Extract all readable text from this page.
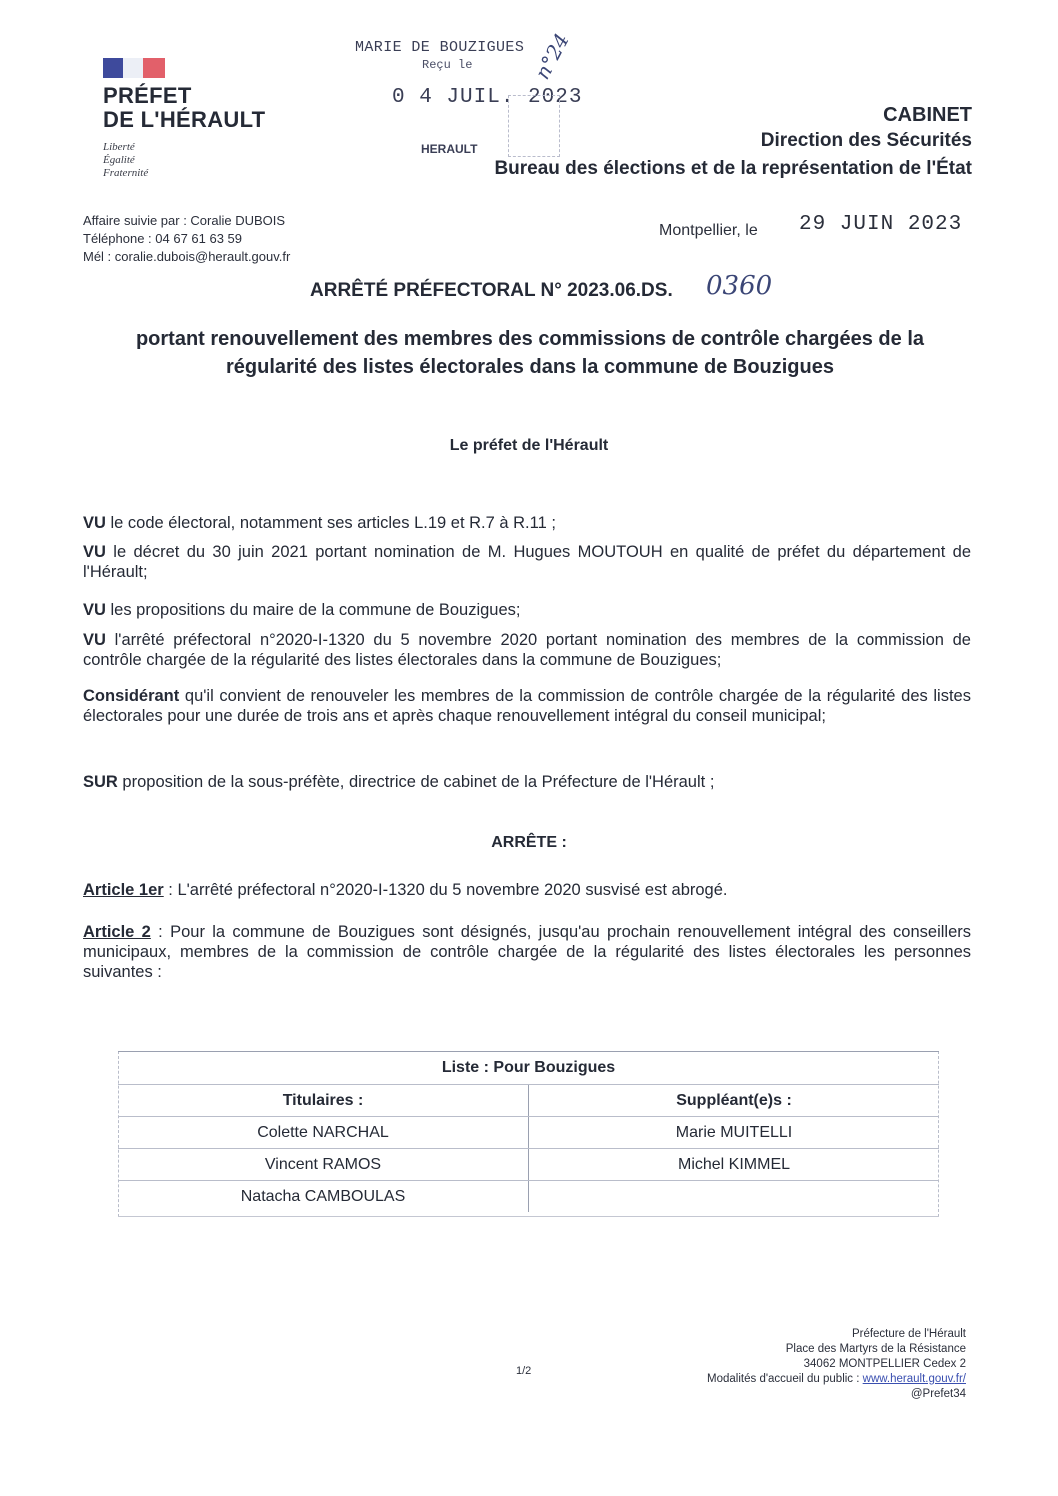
PRÉFET
DE L'HÉRAULT
Liberté
Égalité
Fraternité
MARIE DE BOUZIGUES
Reçu le
0 4 JUIL. 2023
n°24
HERAULT
CABINET
Direction des Sécurités
Bureau des élections et de la représentation de l'État
Affaire suivie par : Coralie DUBOIS
Téléphone : 04 67 61 63 59
Mél : coralie.dubois@herault.gouv.fr
Montpellier, le 29 JUIN 2023
ARRÊTÉ PRÉFECTORAL N° 2023.06.DS. 0360
portant renouvellement des membres des commissions de contrôle chargées de la
régularité des listes électorales dans la commune de Bouzigues
Le préfet de l'Hérault
VU le code électoral, notamment ses articles L.19 et R.7 à R.11 ;
VU le décret du 30 juin 2021 portant nomination de M. Hugues MOUTOUH en qualité de préfet du département de l'Hérault;
VU les propositions du maire de la commune de Bouzigues;
VU l'arrêté préfectoral n°2020-I-1320 du 5 novembre 2020 portant nomination des membres de la commission de contrôle chargée de la régularité des listes électorales dans la commune de Bouzigues;
Considérant qu'il convient de renouveler les membres de la commission de contrôle chargée de la régularité des listes électorales pour une durée de trois ans et après chaque renouvellement intégral du conseil municipal;
SUR proposition de la sous-préfète, directrice de cabinet de la Préfecture de l'Hérault ;
ARRÊTE :
Article 1er : L'arrêté préfectoral n°2020-I-1320 du 5 novembre 2020 susvisé est abrogé.
Article 2 : Pour la commune de Bouzigues sont désignés, jusqu'au prochain renouvellement intégral des conseillers municipaux, membres de la commission de contrôle chargée de la régularité des listes électorales les personnes suivantes :
Liste : Pour Bouzigues
Titulaires :	Suppléant(e)s :
Colette NARCHAL	Marie MUITELLI
Vincent RAMOS	Michel KIMMEL
Natacha CAMBOULAS
Préfecture de l'Hérault
Place des Martyrs de la Résistance
34062 MONTPELLIER Cedex 2
Modalités d'accueil du public : www.herault.gouv.fr/
@Prefet34
1/2
